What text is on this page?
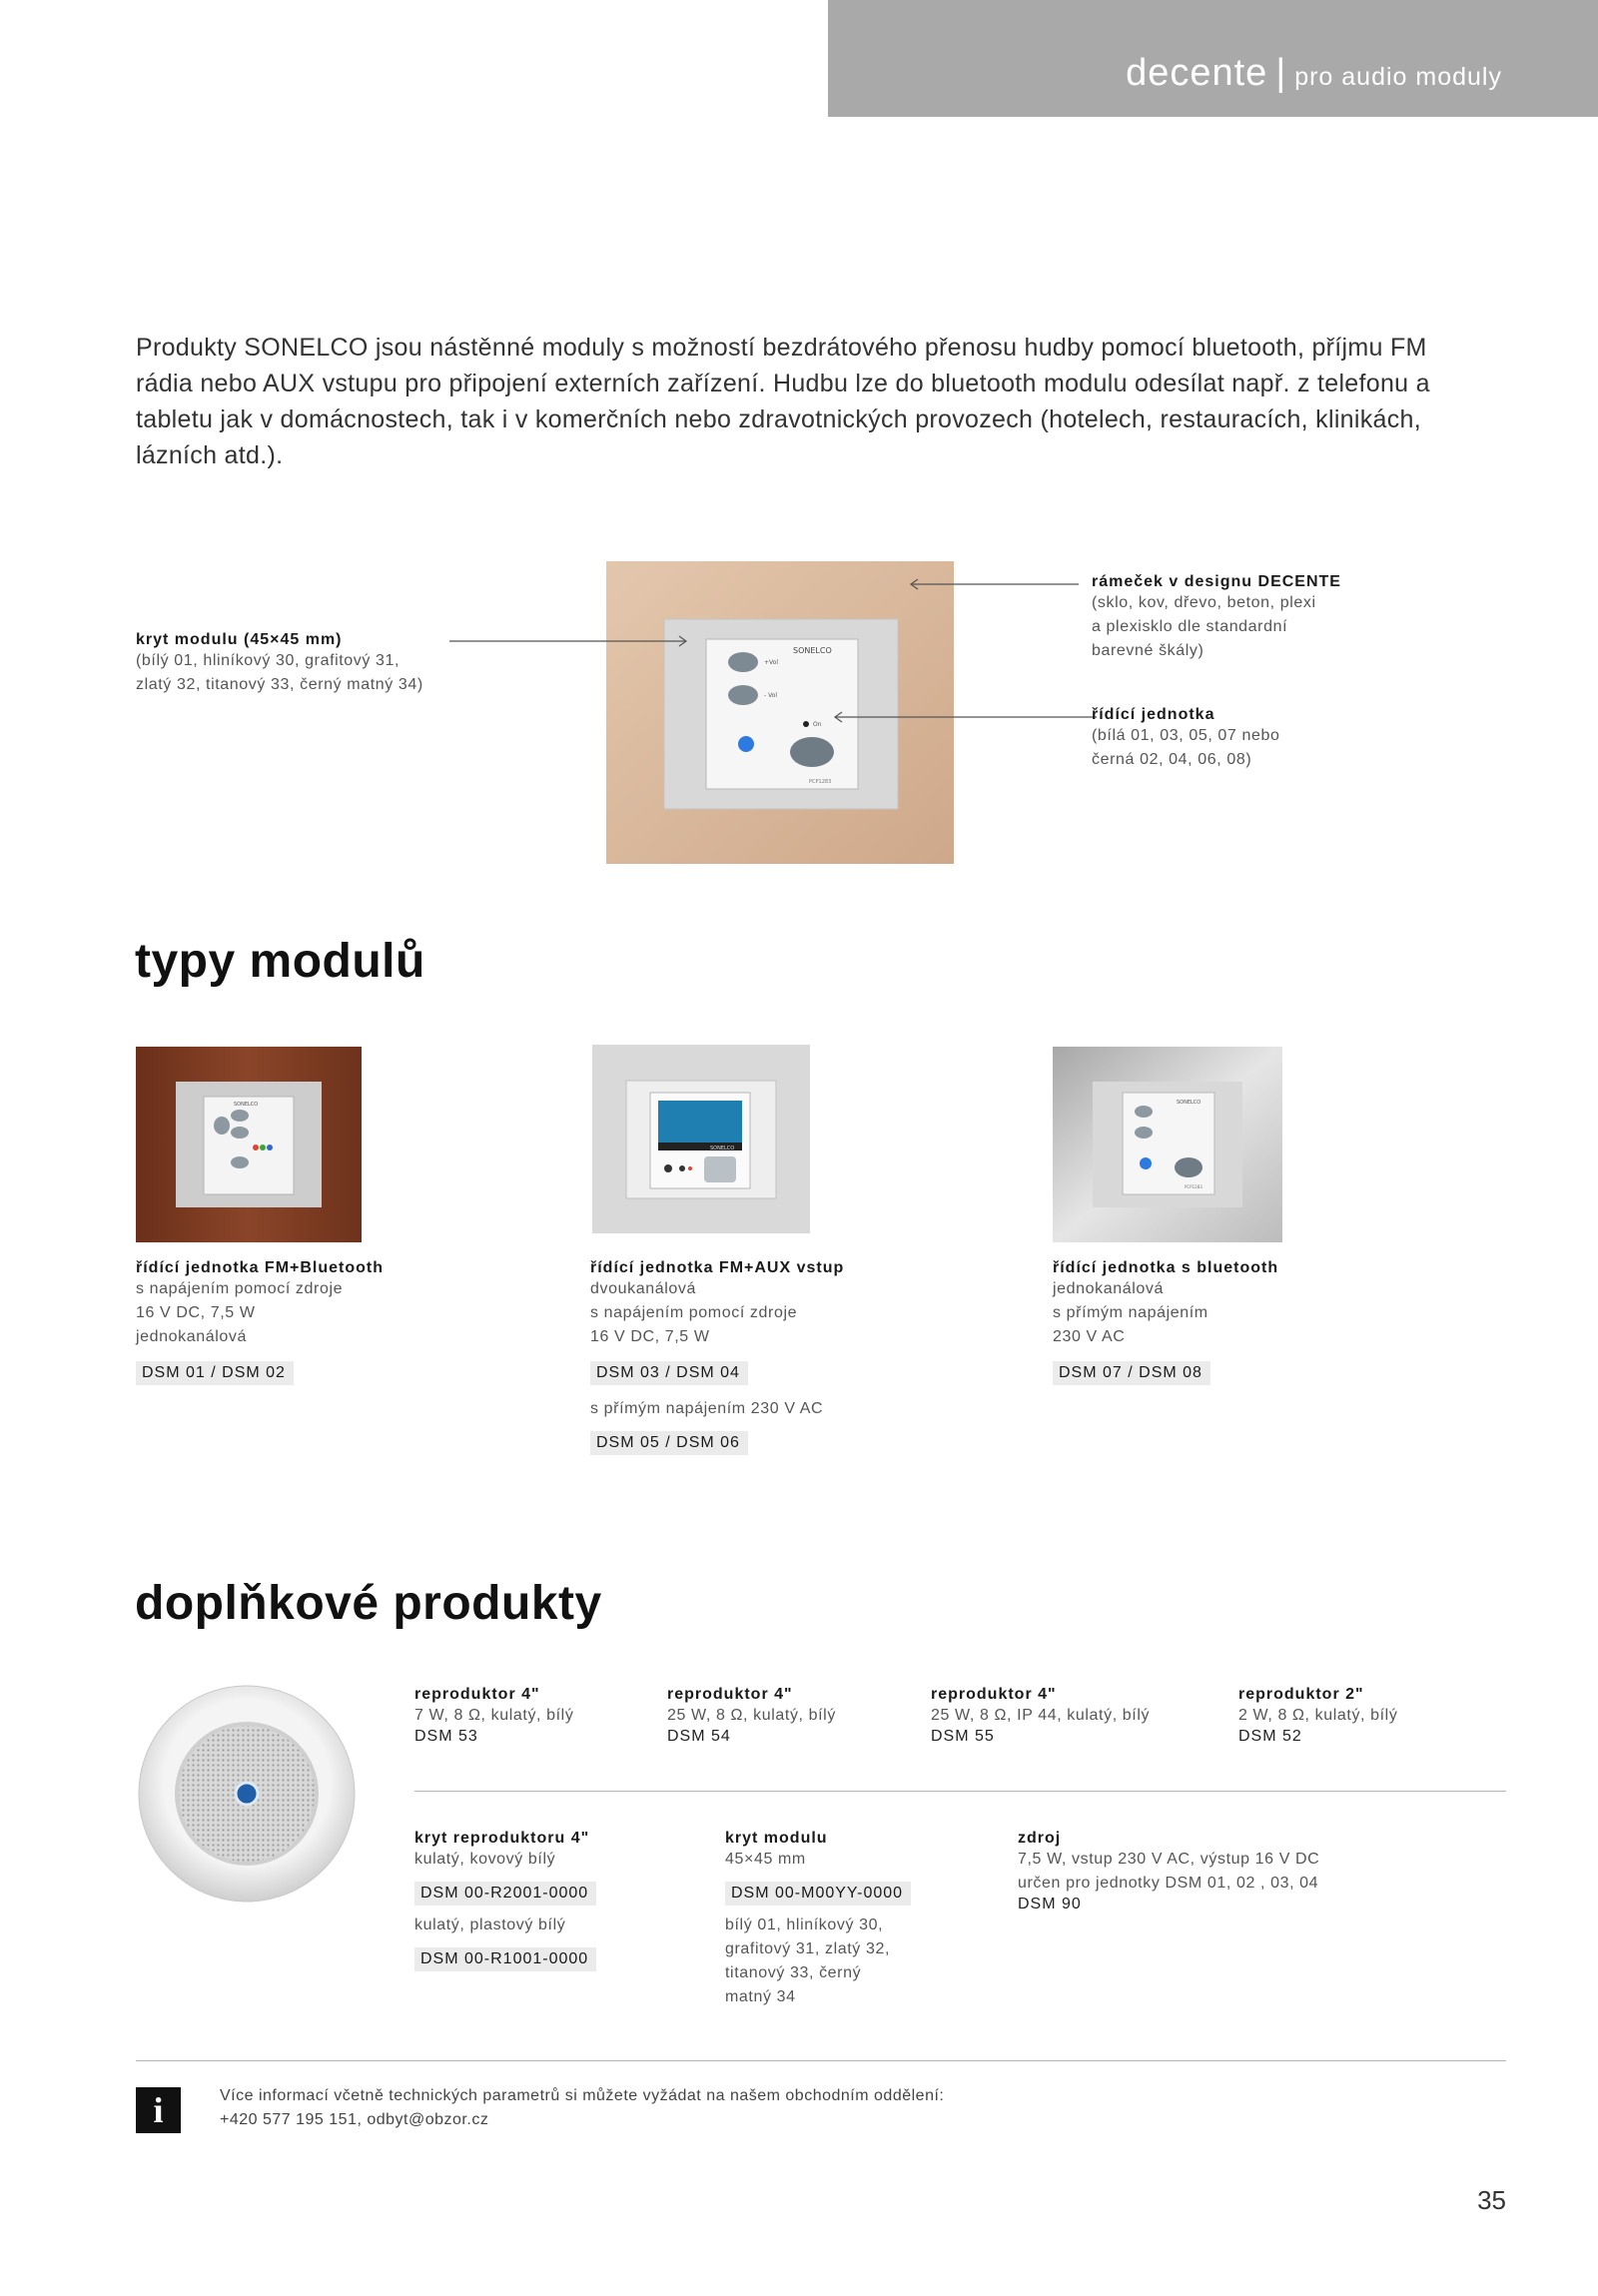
decente | pro audio moduly
Produkty SONELCO jsou nástěnné moduly s možností bezdrátového přenosu hudby pomocí bluetooth, příjmu FM rádia nebo AUX vstupu pro připojení externích zařízení. Hudbu lze do bluetooth modulu odesílat např. z telefonu a tabletu jak v domácnostech, tak i v komerčních nebo zdravotnických provozech (hotelech, restauracích, klinikách, lázních atd.).
SONELCO
+Vol
- Vol
On
PCP1283
kryt modulu (45×45 mm)
(bílý 01, hliníkový 30, grafitový 31,
zlatý 32, titanový 33, černý matný 34)
rámeček v designu DECENTE
(sklo, kov, dřevo, beton, plexi
a plexisklo dle standardní
barevné škály)
řídící jednotka
(bílá 01, 03, 05, 07 nebo
černá 02, 04, 06, 08)
typy modulů
SONELCO
SONELCO
SONELCO
PCP1283
řídící jednotka FM+Bluetooth
s napájením pomocí zdroje
16 V DC, 7,5 W
jednokanálová
DSM 01 / DSM 02
řídící jednotka FM+AUX vstup
dvoukanálová
s napájením pomocí zdroje
16 V DC, 7,5 W
DSM 03 / DSM 04
s přímým napájením 230 V AC
DSM 05 / DSM 06
řídící jednotka s bluetooth
jednokanálová
s přímým napájením
230 V AC
DSM 07 / DSM 08
doplňkové produkty
reproduktor 4"
7 W, 8 Ω, kulatý, bílý
DSM 53
reproduktor 4"
25 W, 8 Ω, kulatý, bílý
DSM 54
reproduktor 4"
25 W, 8 Ω, IP 44, kulatý, bílý
DSM 55
reproduktor 2"
2 W, 8 Ω, kulatý, bílý
DSM 52
kryt reproduktoru 4"
kulatý, kovový bílý
DSM 00-R2001-0000
kulatý, plastový bílý
DSM 00-R1001-0000
kryt modulu
45×45 mm
DSM 00-M00YY-0000
bílý 01, hliníkový 30,
grafitový 31, zlatý 32,
titanový 33, černý
matný 34
zdroj
7,5 W, vstup 230 V AC, výstup 16 V DC
určen pro jednotky DSM 01, 02 , 03, 04
DSM 90
i	Více informací včetně technických parametrů si můžete vyžádat na našem obchodním oddělení:
+420 577 195 151, odbyt@obzor.cz
35
